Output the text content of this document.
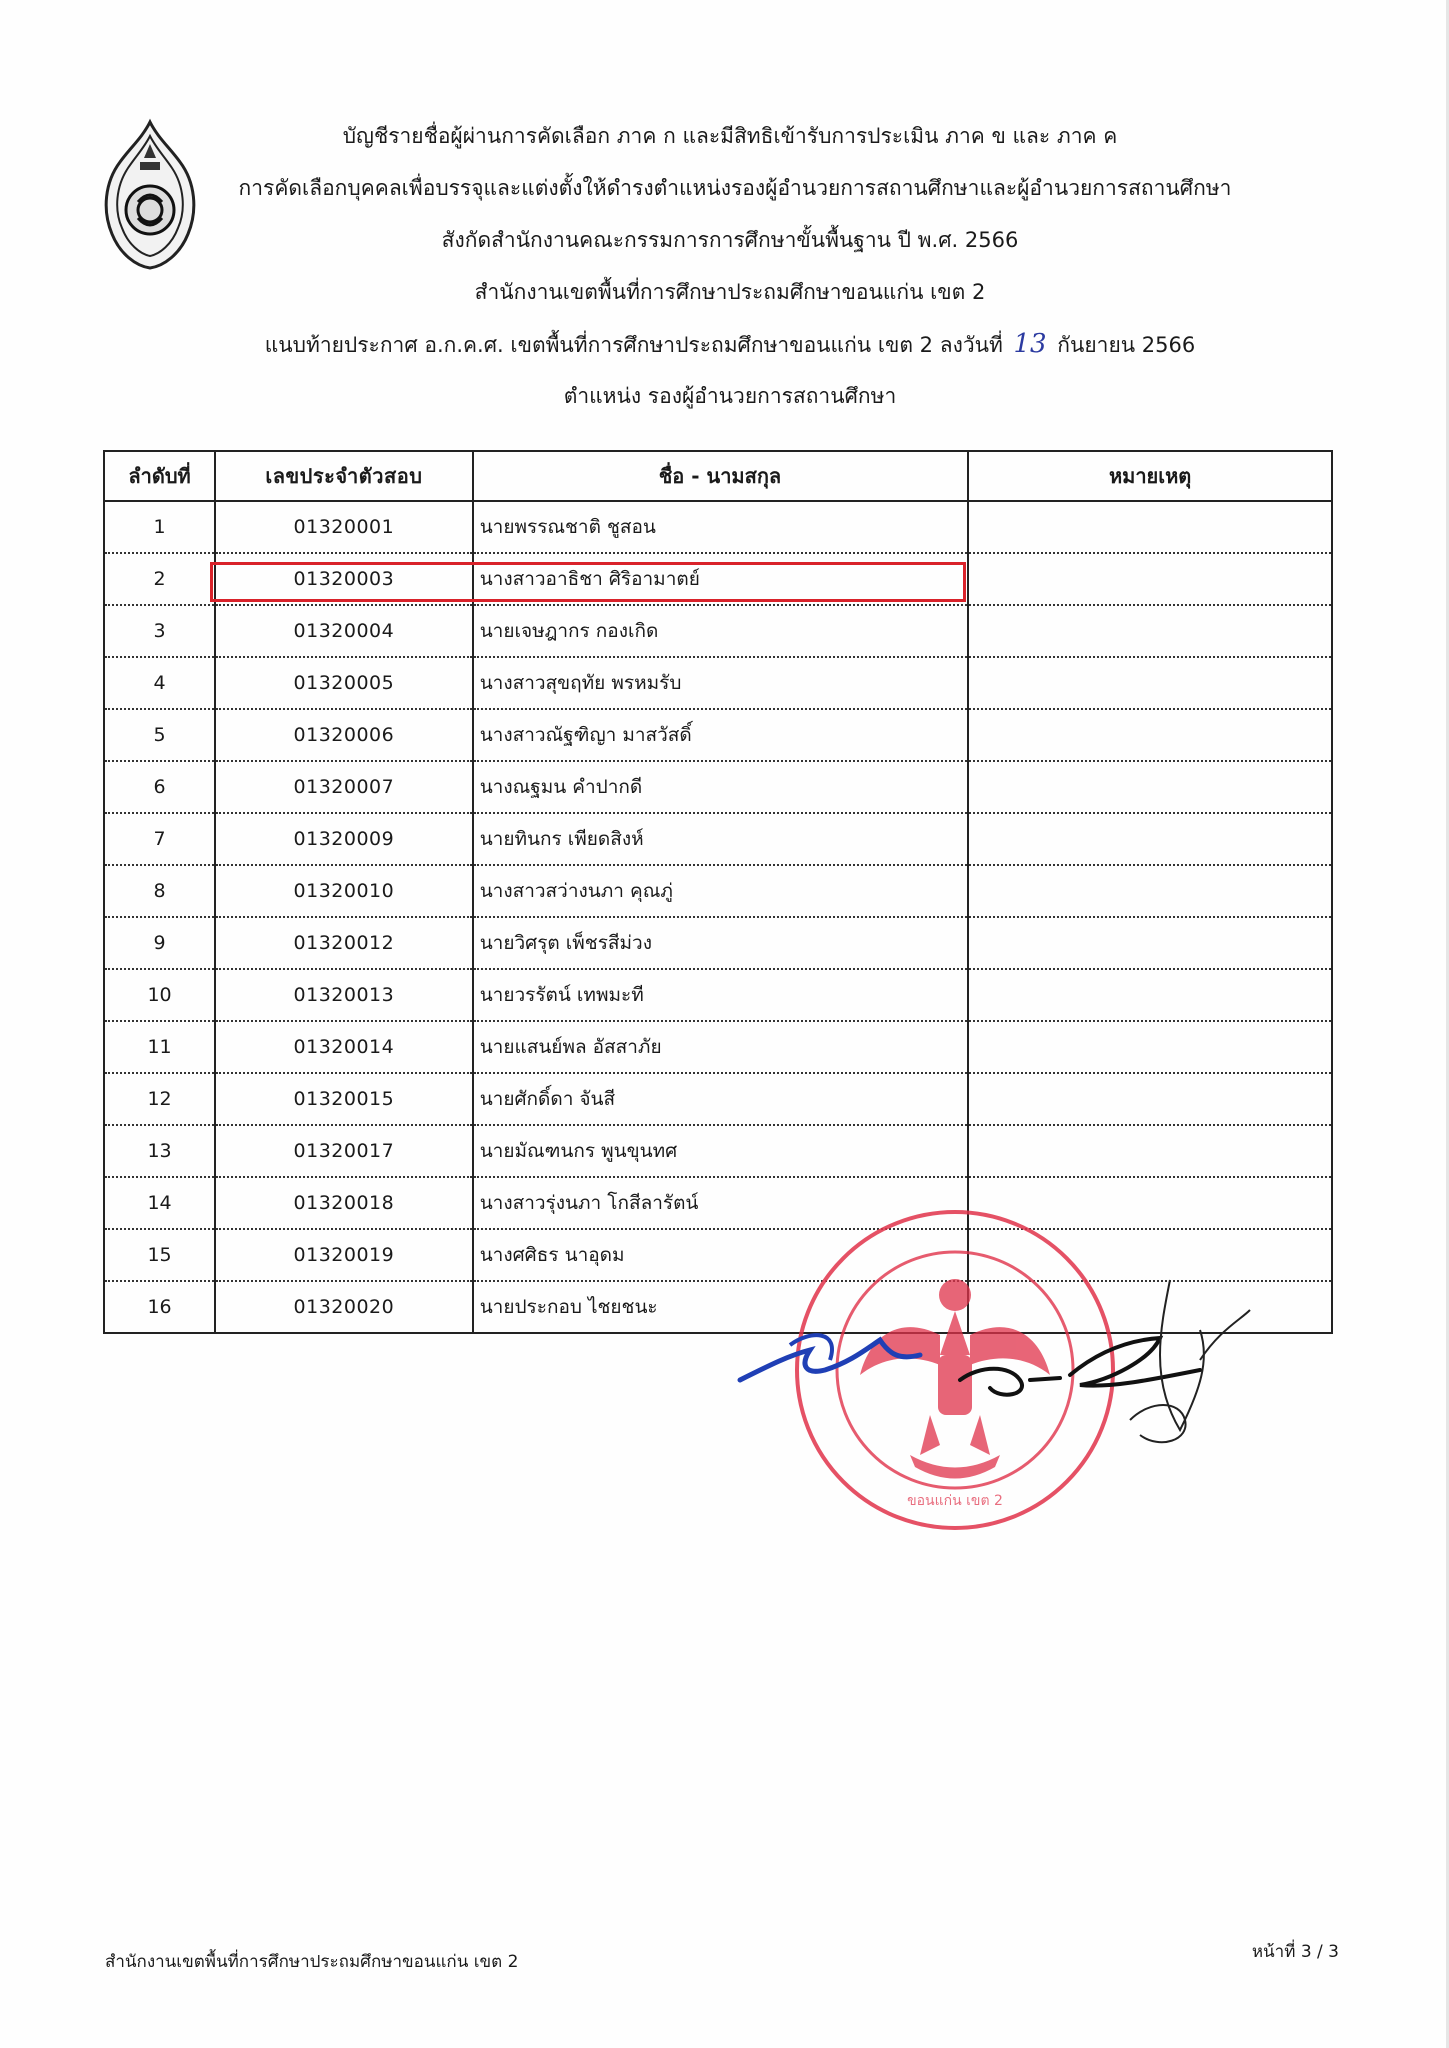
บัญชีรายชื่อผู้ผ่านการคัดเลือก ภาค ก และมีสิทธิเข้ารับการประเมิน ภาค ข และ ภาค ค
การคัดเลือกบุคคลเพื่อบรรจุและแต่งตั้งให้ดำรงตำแหน่งรองผู้อำนวยการสถานศึกษาและผู้อำนวยการสถานศึกษา
สังกัดสำนักงานคณะกรรมการการศึกษาขั้นพื้นฐาน ปี พ.ศ. 2566
สำนักงานเขตพื้นที่การศึกษาประถมศึกษาขอนแก่น เขต 2
แนบท้ายประกาศ อ.ก.ค.ศ. เขตพื้นที่การศึกษาประถมศึกษาขอนแก่น เขต 2 ลงวันที่ 13 กันยายน 2566
ตำแหน่ง รองผู้อำนวยการสถานศึกษา
ลำดับที่	เลขประจำตัวสอบ	ชื่อ - นามสกุล	หมายเหตุ
1	01320001	นายพรรณชาติ ชูสอน	
2	01320003	นางสาวอาธิชา ศิริอามาตย์	
3	01320004	นายเจษฎากร กองเกิด	
4	01320005	นางสาวสุขฤทัย พรหมรับ	
5	01320006	นางสาวณัฐฑิญา มาสวัสดิ์	
6	01320007	นางณฐมน คำปากดี	
7	01320009	นายทินกร เพียดสิงห์	
8	01320010	นางสาวสว่างนภา คุณภู่	
9	01320012	นายวิศรุต เพ็ชรสีม่วง	
10	01320013	นายวรรัตน์ เทพมะที	
11	01320014	นายแสนย์พล อัสสาภัย	
12	01320015	นายศักดิ์ดา จันสี	
13	01320017	นายมัณฑนกร พูนขุนทศ	
14	01320018	นางสาวรุ่งนภา โกสีลารัตน์	
15	01320019	นางศศิธร นาอุดม	
16	01320020	นายประกอบ ไชยชนะ	
ขอนแก่น เขต 2
สำนักงานเขตพื้นที่การศึกษาประถมศึกษาขอนแก่น เขต 2	หน้าที่ 3 / 3
